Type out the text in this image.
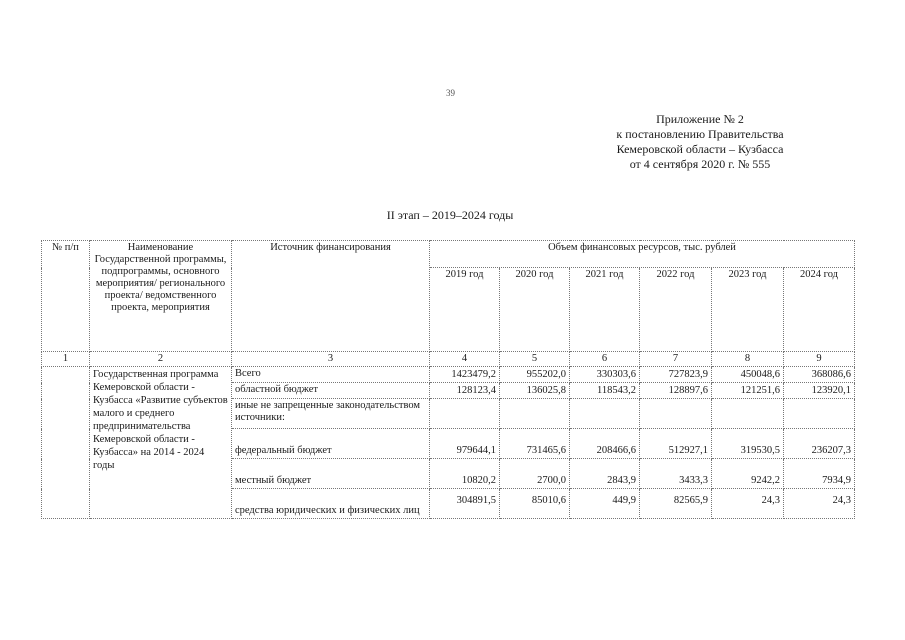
39
Приложение № 2
к постановлению Правительства
Кемеровской области – Кузбасса
от 4 сентября 2020 г. № 555
II этап – 2019–2024 годы
№ п/п	Наименование Государственной программы, подпрограммы, основного мероприятия/ регионального проекта/ ведомственного проекта, мероприятия	Источник финансирования	Объем финансовых ресурсов, тыс. рублей					
			2019 год	2020 год	2021 год	2022 год	2023 год	2024 год
1	2	3	4	5	6	7	8	9
	Государственная программа Кемеровской области - Кузбасса «Развитие субъектов малого и среднего предпринимательства Кемеровской области - Кузбасса» на 2014 - 2024 годы	Всего	1423479,2	955202,0	330303,6	727823,9	450048,6	368086,6
		областной бюджет	128123,4	136025,8	118543,2	128897,6	121251,6	123920,1
		иные не запрещенные законодательством источники:						
		федеральный бюджет	979644,1	731465,6	208466,6	512927,1	319530,5	236207,3
		местный бюджет	10820,2	2700,0	2843,9	3433,3	9242,2	7934,9
		средства юридических и физических лиц	304891,5	85010,6	449,9	82565,9	24,3	24,3
